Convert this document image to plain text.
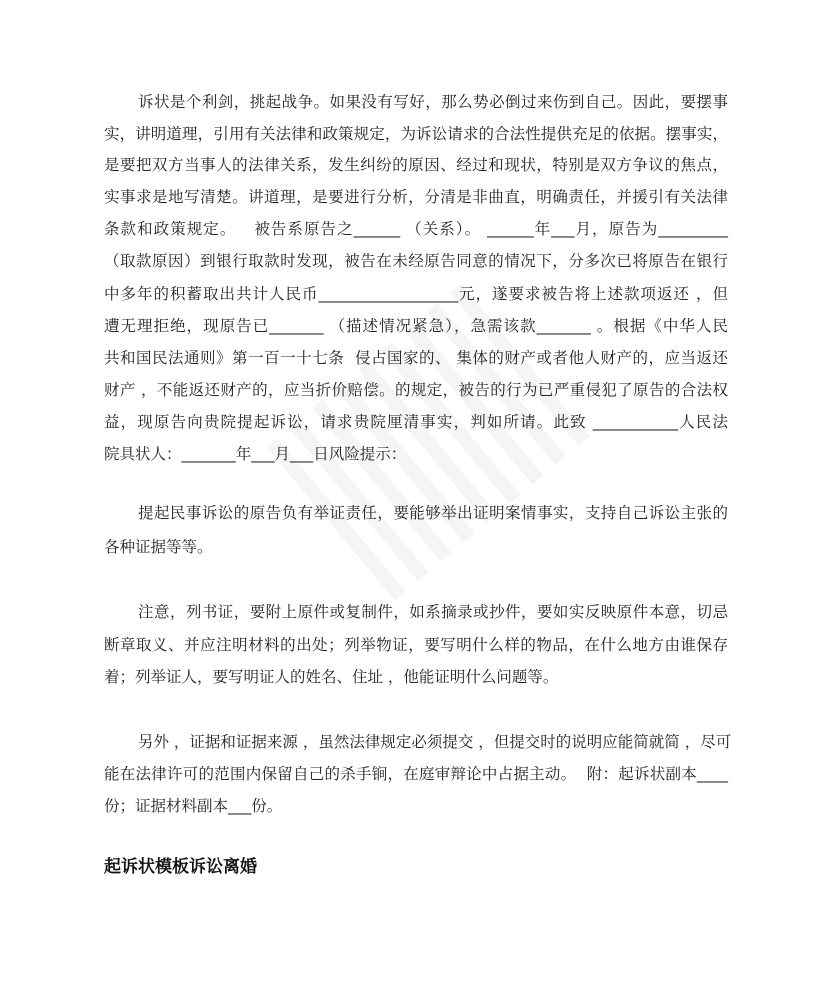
诉状是个利剑，挑起战争。如果没有写好，那么势必倒过来伤到自己。因此，要摆事
实，讲明道理，引用有关法律和政策规定，为诉讼请求的合法性提供充足的依据。摆事实，
是要把双方当事人的法律关系，发生纠纷的原因、经过和现状，特别是双方争议的焦点，
实事求是地写清楚。讲道理，是要进行分析，分清是非曲直，明确责任，并援引有关法律
条款和政策规定。   被告系原告之______ （关系）。 ______年___月，原告为_________
（取款原因）到银行取款时发现，被告在未经原告同意的情况下，分多次已将原告在银行
中多年的积蓄取出共计人民币__________________元，遂要求被告将上述款项返还 ，但
遭无理拒绝，现原告已_______ （描述情况紧急），急需该款_______ 。根据《中华人民
共和国民法通则》第一百一十七条  侵占国家的、 集体的财产或者他人财产的，应当返还
财产 ，不能返还财产的，应当折价赔偿。的规定，被告的行为已严重侵犯了原告的合法权
益，现原告向贵院提起诉讼，请求贵院厘清事实，判如所请。此致 ___________人民法
院具状人：_______年___月___日风险提示：
提起民事诉讼的原告负有举证责任，要能够举出证明案情事实，支持自己诉讼主张的
各种证据等等。
注意，列书证，要附上原件或复制件，如系摘录或抄件，要如实反映原件本意，切忌
断章取义、并应注明材料的出处；列举物证，要写明什么样的物品，在什么地方由谁保存
着；列举证人，要写明证人的姓名、住址 ，他能证明什么问题等。
另外 ，证据和证据来源 ，虽然法律规定必须提交 ，但提交时的说明应能简就简 ，尽可
能在法律许可的范围内保留自己的杀手锏，在庭审辩论中占据主动。  附：起诉状副本____
份；证据材料副本___份。
起诉状模板诉讼离婚
